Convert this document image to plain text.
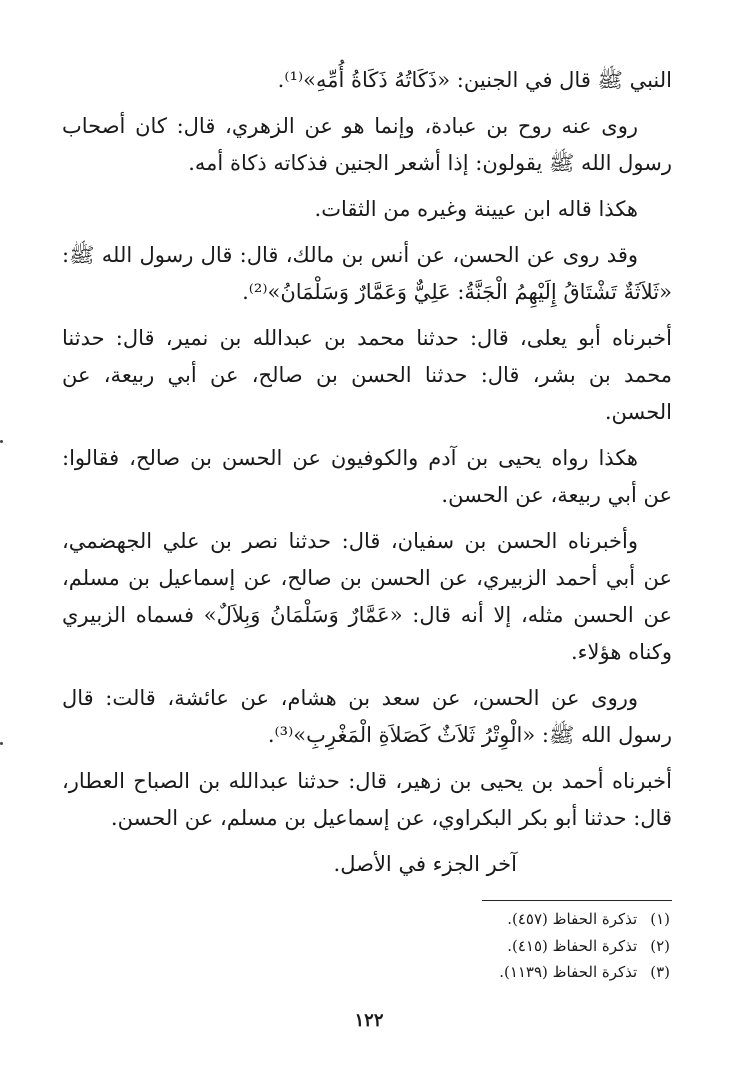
النبي ﷺ قال في الجنين: «ذَكَاتُهُ ذَكَاةُ أُمِّهِ»⁽¹⁾.

روى عنه روح بن عبادة، وإنما هو عن الزهري، قال: كان أصحاب رسول الله ﷺ يقولون: إذا أشعر الجنين فذكاته ذكاة أمه.

هكذا قاله ابن عيينة وغيره من الثقات.

وقد روى عن الحسن، عن أنس بن مالك، قال: قال رسول الله ﷺ: «ثَلاَثَةٌ تَشْتَاقُ إِلَيْهِمُ الْجَنَّةُ: عَلِيٌّ وَعَمَّارٌ وَسَلْمَانُ»⁽²⁾.

أخبرناه أبو يعلى، قال: حدثنا محمد بن عبدالله بن نمير، قال: حدثنا محمد بن بشر، قال: حدثنا الحسن بن صالح، عن أبي ربيعة، عن الحسن.

هكذا رواه يحيى بن آدم والكوفيون عن الحسن بن صالح، فقالوا: عن أبي ربيعة، عن الحسن.

وأخبرناه الحسن بن سفيان، قال: حدثنا نصر بن علي الجهضمي، عن أبي أحمد الزبيري، عن الحسن بن صالح، عن إسماعيل بن مسلم، عن الحسن مثله، إلا أنه قال: «عَمَّارٌ وَسَلْمَانُ وَبِلاَلٌ» فسماه الزبيري وكناه هؤلاء.

وروى عن الحسن، عن سعد بن هشام، عن عائشة، قالت: قال رسول الله ﷺ: «الْوِتْرُ ثَلاَثٌ كَصَلاَةِ الْمَغْرِبِ»⁽³⁾.

أخبرناه أحمد بن يحيى بن زهير، قال: حدثنا عبدالله بن الصباح العطار، قال: حدثنا أبو بكر البكراوي، عن إسماعيل بن مسلم، عن الحسن.

آخر الجزء في الأصل.

(١) تذكرة الحفاظ (٤٥٧).
(٢) تذكرة الحفاظ (٤١٥).
(٣) تذكرة الحفاظ (١١٣٩).
١٢٢
